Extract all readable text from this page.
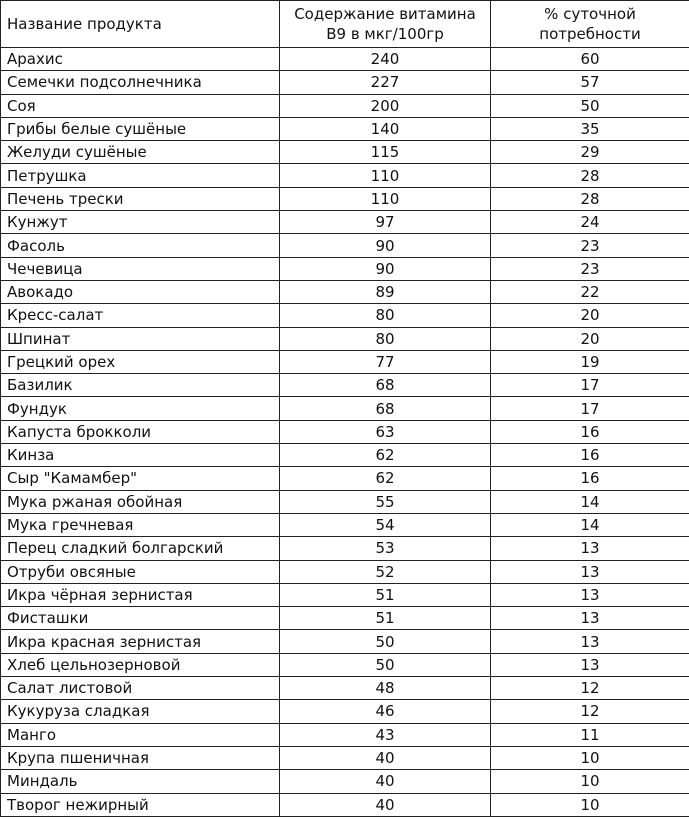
Название продукта	Содержание витамина В9 в мкг/100гр	% суточной потребности
Арахис	240	60
Семечки подсолнечника	227	57
Соя	200	50
Грибы белые сушёные	140	35
Желуди сушёные	115	29
Петрушка	110	28
Печень трески	110	28
Кунжут	97	24
Фасоль	90	23
Чечевица	90	23
Авокадо	89	22
Кресс-салат	80	20
Шпинат	80	20
Грецкий орех	77	19
Базилик	68	17
Фундук	68	17
Капуста брокколи	63	16
Кинза	62	16
Сыр "Камамбер"	62	16
Мука ржаная обойная	55	14
Мука гречневая	54	14
Перец сладкий болгарский	53	13
Отруби овсяные	52	13
Икра чёрная зернистая	51	13
Фисташки	51	13
Икра красная зернистая	50	13
Хлеб цельнозерновой	50	13
Салат листовой	48	12
Кукуруза сладкая	46	12
Манго	43	11
Крупа пшеничная	40	10
Миндаль	40	10
Творог нежирный	40	10
